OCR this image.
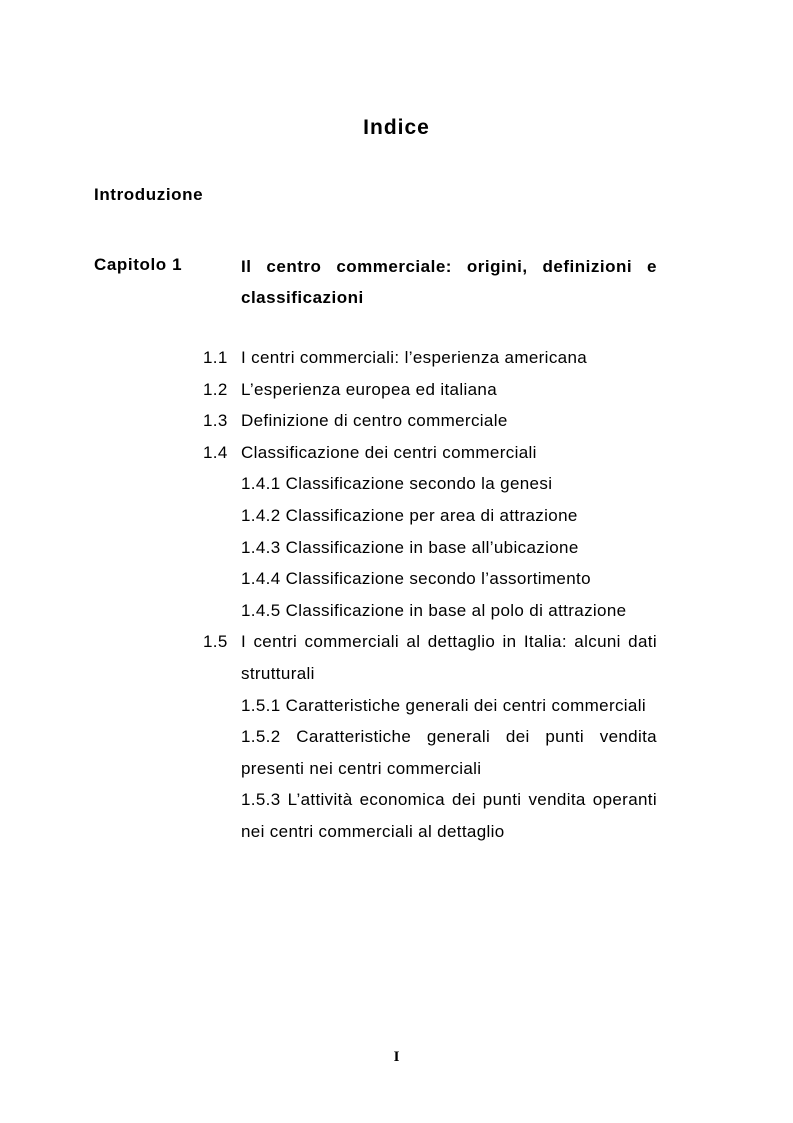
Indice
Introduzione
Capitolo 1	Il centro commerciale: origini, definizioni e classificazioni
1.1 I centri commerciali: l’esperienza americana
1.2 L’esperienza europea ed italiana
1.3 Definizione di centro commerciale
1.4 Classificazione dei centri commerciali
1.4.1 Classificazione secondo la genesi
1.4.2 Classificazione per area di attrazione
1.4.3 Classificazione in base all’ubicazione
1.4.4 Classificazione secondo l’assortimento
1.4.5 Classificazione in base al polo di attrazione
1.5 I centri commerciali al dettaglio in Italia: alcuni dati strutturali
1.5.1 Caratteristiche generali dei centri commerciali
1.5.2 Caratteristiche generali dei punti vendita presenti nei centri commerciali
1.5.3 L’attività economica dei punti vendita operanti nei centri commerciali al dettaglio
I
